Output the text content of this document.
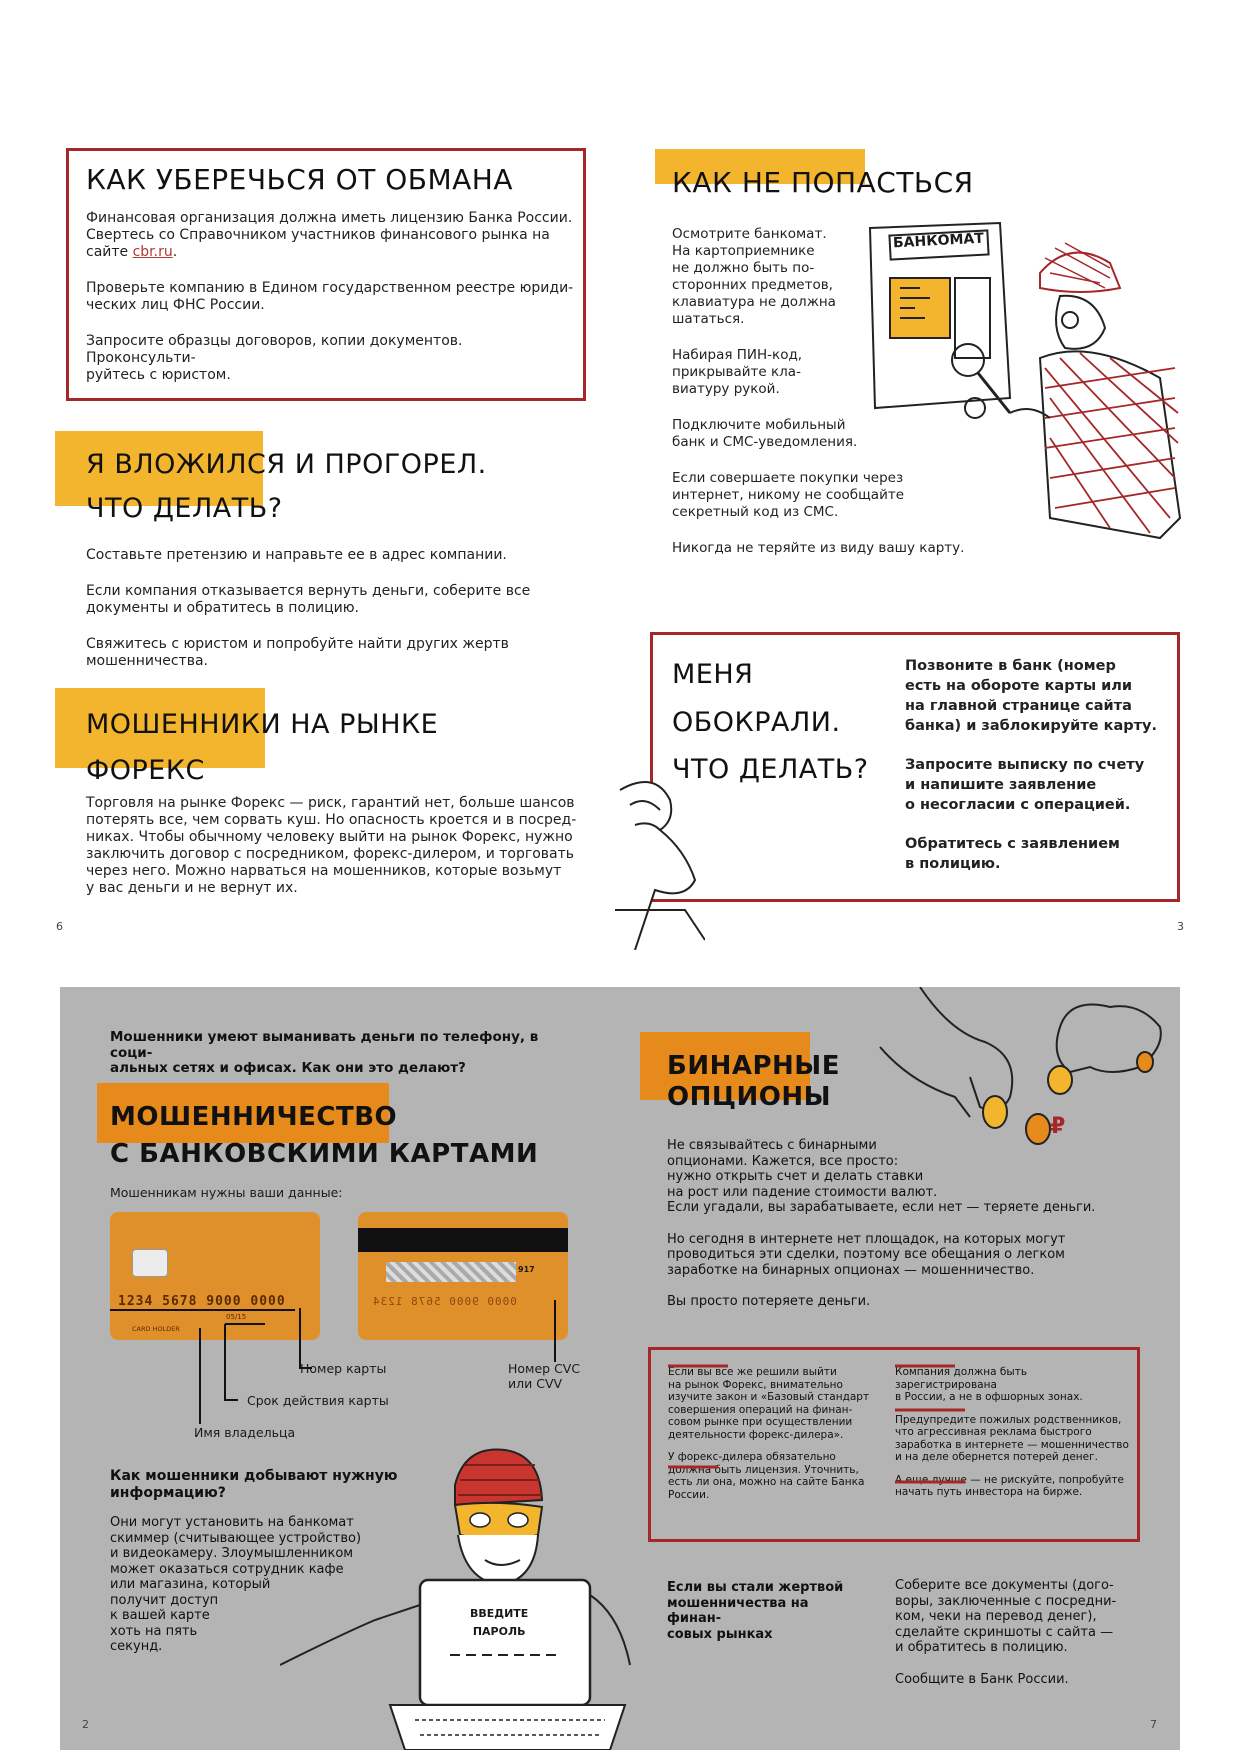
КАК УБЕРЕЧЬСЯ ОТ ОБМАНА

Финансовая организация должна иметь лицензию Банка России. Свертесь со Справочником участников финансового рынка на сайте cbr.ru.

Проверьте компанию в Едином государственном реестре юриди-
ческих лиц ФНС России.

Запросите образцы договоров, копии документов. Проконсульти-
руйтесь с юристом.

Я ВЛОЖИЛСЯ И ПРОГОРЕЛ.
ЧТО ДЕЛАТЬ?

Составьте претензию и направьте ее в адрес компании.

Если компания отказывается вернуть деньги, соберите все
документы и обратитесь в полицию.

Свяжитесь с юристом и попробуйте найти других жертв
мошенничества.

МОШЕННИКИ НА РЫНКЕ
ФОРЕКС

Торговля на рынке Форекс — риск, гарантий нет, больше шансов
потерять все, чем сорвать куш. Но опасность кроется и в посред-
никах. Чтобы обычному человеку выйти на рынок Форекс, нужно
заключить договор с посредником, форекс-дилером, и торговать
через него. Можно нарваться на мошенников, которые возьмут
у вас деньги и не вернут их.

6
КАК НЕ ПОПАСТЬСЯ

Осмотрите банкомат.
На картоприемнике
не должно быть по-
сторонних предметов,
клавиатура не должна
шататься.

Набирая ПИН-код,
прикрывайте кла-
виатуру рукой.

Подключите мобильный
банк и СМС-уведомления.

Если совершаете покупки через
интернет, никому не сообщайте
секретный код из СМС.

Никогда не теряйте из виду вашу карту.

БАНКОМАТ
МЕНЯ
ОБОКРАЛИ.
ЧТО ДЕЛАТЬ?

Позвоните в банк (номер
есть на обороте карты или
на главной странице сайта
банка) и заблокируйте карту.

Запросите выписку по счету
и напишите заявление
о несогласии с операцией.

Обратитесь с заявлением
в полицию.

3

Мошенники умеют выманивать деньги по телефону, в соци-
альных сетях и офисах. Как они это делают?

МОШЕННИЧЕСТВО
С БАНКОВСКИМИ КАРТАМИ
Мошенникам нужны ваши данные:
1234 5678 9000 0000
05/15
CARD HOLDER
917
0000 9000 5678 1234
Номер карты
Срок действия карты
Имя владельца
Номер CVC
или CVV

Как мошенники добывают нужную
информацию?

Они могут установить на банкомат
скиммер (считывающее устройство)
и видеокамеру. Злоумышленником
может оказаться сотрудник кафе
или магазина, который
получит доступ
к вашей карте
хоть на пять
секунд.

ВВЕДИТЕ
ПАРОЛЬ
2
БИНАРНЫЕ
ОПЦИОНЫ

Не связывайтесь с бинарными
опционами. Кажется, все просто:
нужно открыть счет и делать ставки
на рост или падение стоимости валют.
Если угадали, вы зарабатываете, если нет — теряете деньги.

Но сегодня в интернете нет площадок, на которых могут
проводиться эти сделки, поэтому все обещания о легком
заработке на бинарных опционах — мошенничество.

Вы просто потеряете деньги.

₽

Если вы все же решили выйти
на рынок Форекс, внимательно
изучите закон и «Базовый стандарт
совершения операций на финан-
совом рынке при осуществлении
деятельности форекс-дилера».

У форекс-дилера обязательно
должна быть лицензия. Уточнить,
есть ли она, можно на сайте Банка
России.

Компания должна быть зарегистрирована
в России, а не в офшорных зонах.

Предупредите пожилых родственников,
что агрессивная реклама быстрого
заработка в интернете — мошенничество
и на деле обернется потерей денег.

А еще лучше — не рискуйте, попробуйте
начать путь инвестора на бирже.

Если вы стали жертвой
мошенничества на финан-
совых рынках

Соберите все документы (дого-
воры, заключенные с посредни-
ком, чеки на перевод денег),
сделайте скриншоты с сайта —
и обратитесь в полицию.

Сообщите в Банк России.

7
